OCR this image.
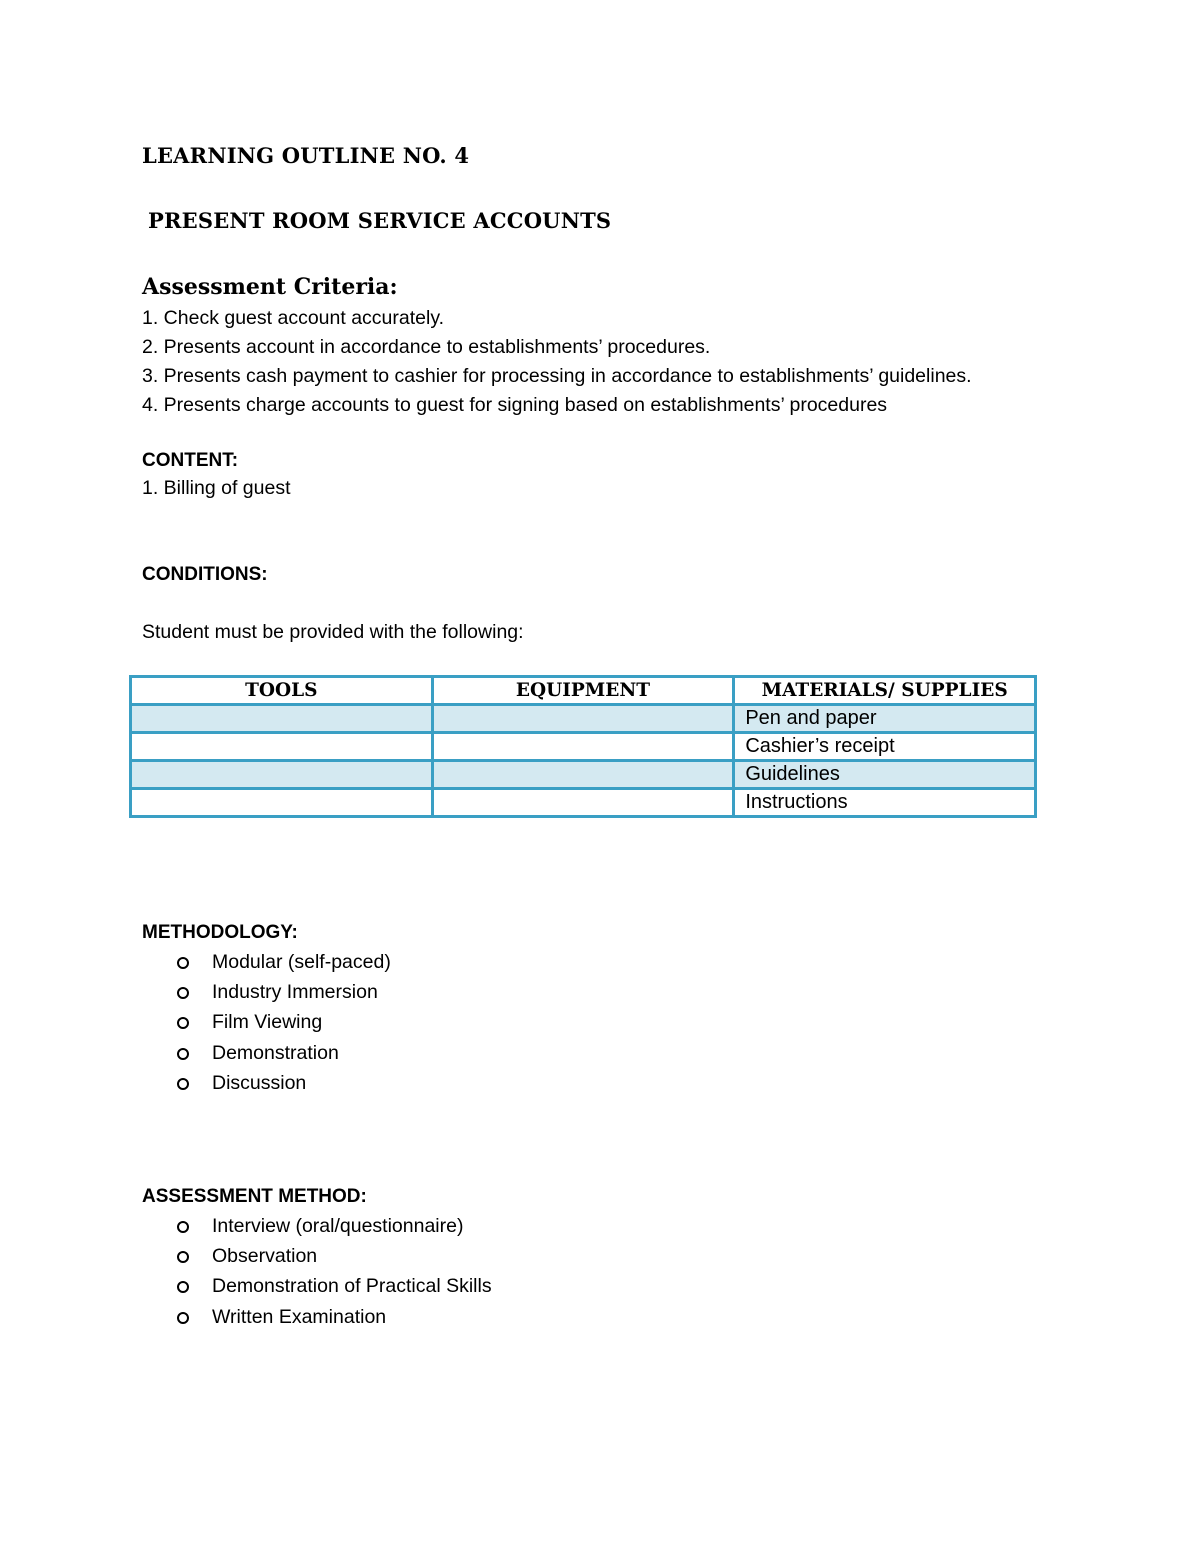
LEARNING OUTLINE NO. 4
PRESENT ROOM SERVICE ACCOUNTS
Assessment Criteria:
1. Check guest account accurately.
2. Presents account in accordance to establishments’ procedures.
3. Presents cash payment to cashier for processing in accordance to establishments’ guidelines.
4. Presents charge accounts to guest for signing based on establishments’ procedures
CONTENT:
1. Billing of guest
CONDITIONS:
Student must be provided with the following:
TOOLS	EQUIPMENT	MATERIALS/ SUPPLIES
		Pen and paper
		Cashier’s receipt
		Guidelines
		Instructions
METHODOLOGY:
Modular (self-paced)
Industry Immersion
Film Viewing
Demonstration
Discussion
ASSESSMENT METHOD:
Interview (oral/questionnaire)
Observation
Demonstration of Practical Skills
Written Examination
